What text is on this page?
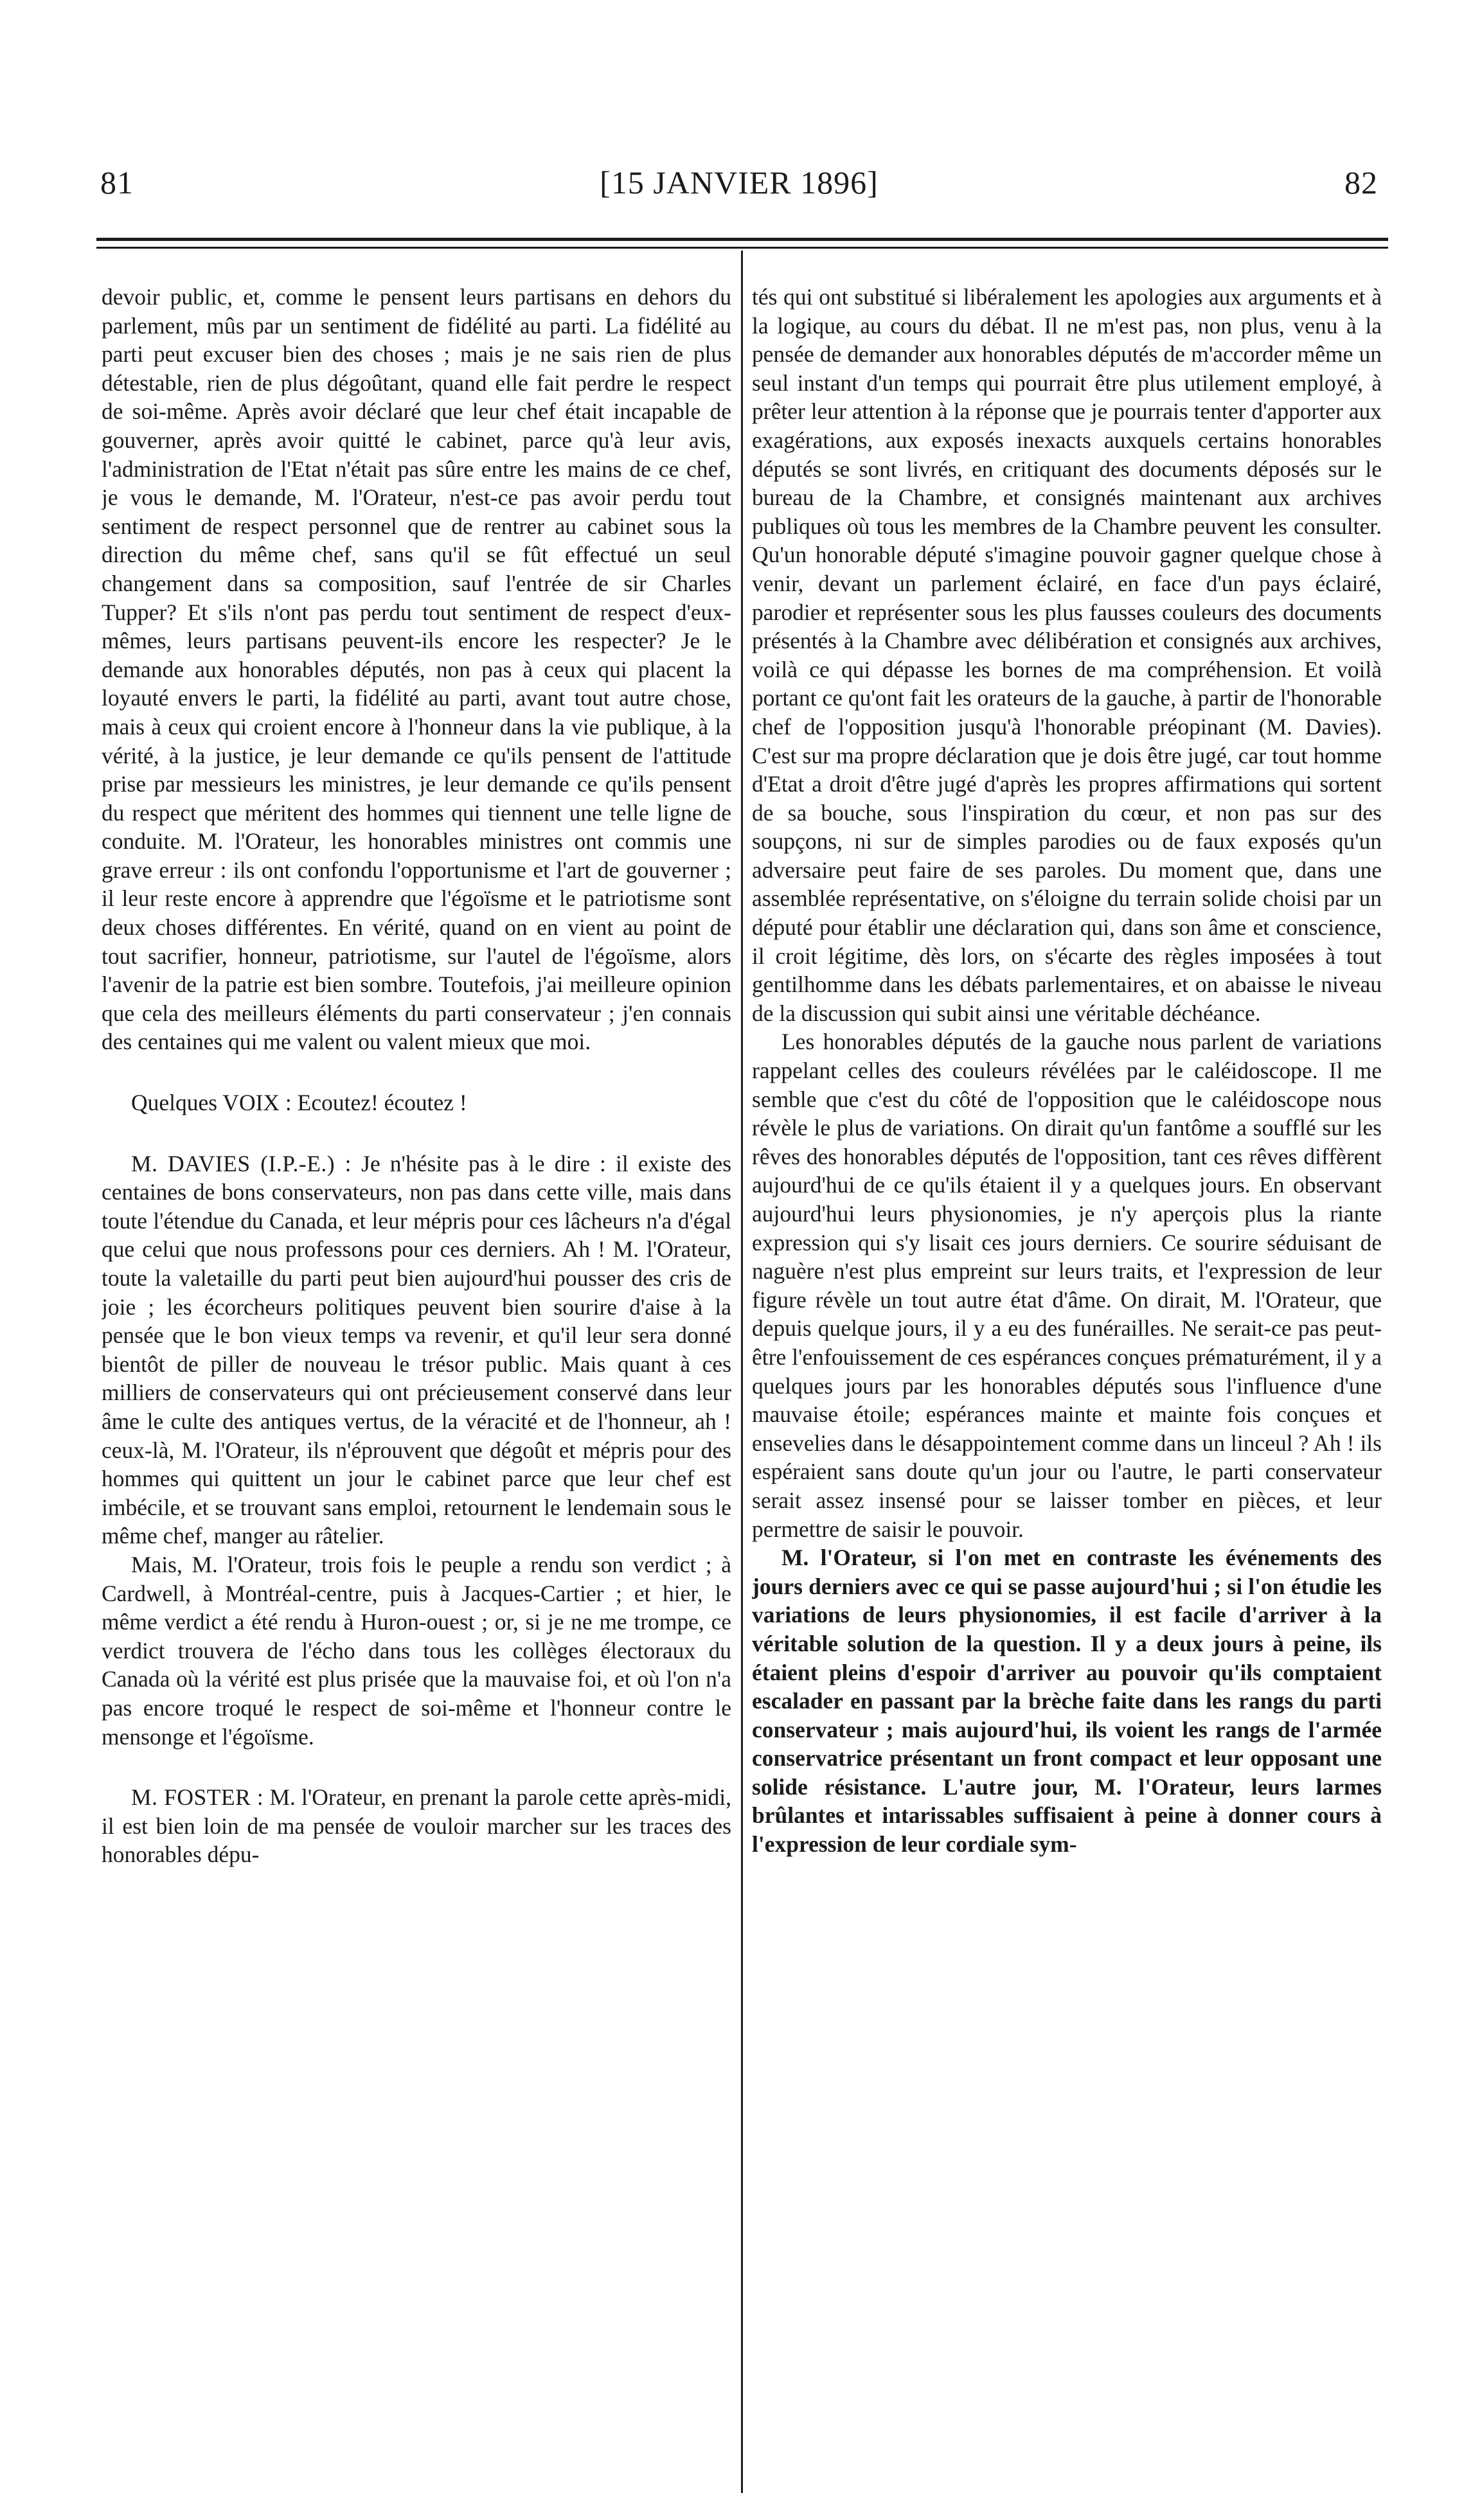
81	[15 JANVIER 1896]	82

devoir public, et, comme le pensent leurs partisans en dehors du parlement, mûs par un sentiment de fidélité au parti. La fidélité au parti peut excuser bien des choses ; mais je ne sais rien de plus détestable, rien de plus dégoûtant, quand elle fait perdre le respect de soi-même. Après avoir déclaré que leur chef était incapable de gouverner, après avoir quitté le cabinet, parce qu'à leur avis, l'administration de l'Etat n'était pas sûre entre les mains de ce chef, je vous le demande, M. l'Orateur, n'est-ce pas avoir perdu tout sentiment de respect personnel que de rentrer au cabinet sous la direction du même chef, sans qu'il se fût effectué un seul changement dans sa composition, sauf l'entrée de sir Charles Tupper? Et s'ils n'ont pas perdu tout sentiment de respect d'eux-mêmes, leurs partisans peuvent-ils encore les respecter? Je le demande aux honorables députés, non pas à ceux qui placent la loyauté envers le parti, la fidélité au parti, avant tout autre chose, mais à ceux qui croient encore à l'honneur dans la vie publique, à la vérité, à la justice, je leur demande ce qu'ils pensent de l'attitude prise par messieurs les ministres, je leur demande ce qu'ils pensent du respect que méritent des hommes qui tiennent une telle ligne de conduite. M. l'Orateur, les honorables ministres ont commis une grave erreur : ils ont confondu l'opportunisme et l'art de gouverner ; il leur reste encore à apprendre que l'égoïsme et le patriotisme sont deux choses différentes. En vérité, quand on en vient au point de tout sacrifier, honneur, patriotisme, sur l'autel de l'égoïsme, alors l'avenir de la patrie est bien sombre. Toutefois, j'ai meilleure opinion que cela des meilleurs éléments du parti conservateur ; j'en connais des centaines qui me valent ou valent mieux que moi.

Quelques VOIX : Ecoutez! écoutez !

M. DAVIES (I.P.-E.) : Je n'hésite pas à le dire : il existe des centaines de bons conservateurs, non pas dans cette ville, mais dans toute l'étendue du Canada, et leur mépris pour ces lâcheurs n'a d'égal que celui que nous professons pour ces derniers. Ah ! M. l'Orateur, toute la valetaille du parti peut bien aujourd'hui pousser des cris de joie ; les écorcheurs politiques peuvent bien sourire d'aise à la pensée que le bon vieux temps va revenir, et qu'il leur sera donné bientôt de piller de nouveau le trésor public. Mais quant à ces milliers de conservateurs qui ont précieusement conservé dans leur âme le culte des antiques vertus, de la véracité et de l'honneur, ah ! ceux-là, M. l'Orateur, ils n'éprouvent que dégoût et mépris pour des hommes qui quittent un jour le cabinet parce que leur chef est imbécile, et se trouvant sans emploi, retournent le lendemain sous le même chef, manger au râtelier.

Mais, M. l'Orateur, trois fois le peuple a rendu son verdict ; à Cardwell, à Montréal-centre, puis à Jacques-Cartier ; et hier, le même verdict a été rendu à Huron-ouest ; or, si je ne me trompe, ce verdict trouvera de l'écho dans tous les collèges électoraux du Canada où la vérité est plus prisée que la mauvaise foi, et où l'on n'a pas encore troqué le respect de soi-même et l'honneur contre le mensonge et l'égoïsme.

M. FOSTER : M. l'Orateur, en prenant la parole cette après-midi, il est bien loin de ma pensée de vouloir marcher sur les traces des honorables dépu-

tés qui ont substitué si libéralement les apologies aux arguments et à la logique, au cours du débat. Il ne m'est pas, non plus, venu à la pensée de demander aux honorables députés de m'accorder même un seul instant d'un temps qui pourrait être plus utilement employé, à prêter leur attention à la réponse que je pourrais tenter d'apporter aux exagérations, aux exposés inexacts auxquels certains honorables députés se sont livrés, en critiquant des documents déposés sur le bureau de la Chambre, et consignés maintenant aux archives publiques où tous les membres de la Chambre peuvent les consulter. Qu'un honorable député s'imagine pouvoir gagner quelque chose à venir, devant un parlement éclairé, en face d'un pays éclairé, parodier et représenter sous les plus fausses couleurs des documents présentés à la Chambre avec délibération et consignés aux archives, voilà ce qui dépasse les bornes de ma compréhension. Et voilà portant ce qu'ont fait les orateurs de la gauche, à partir de l'honorable chef de l'opposition jusqu'à l'honorable préopinant (M. Davies). C'est sur ma propre déclaration que je dois être jugé, car tout homme d'Etat a droit d'être jugé d'après les propres affirmations qui sortent de sa bouche, sous l'inspiration du cœur, et non pas sur des soupçons, ni sur de simples parodies ou de faux exposés qu'un adversaire peut faire de ses paroles. Du moment que, dans une assemblée représentative, on s'éloigne du terrain solide choisi par un député pour établir une déclaration qui, dans son âme et conscience, il croit légitime, dès lors, on s'écarte des règles imposées à tout gentilhomme dans les débats parlementaires, et on abaisse le niveau de la discussion qui subit ainsi une véritable déchéance.

Les honorables députés de la gauche nous parlent de variations rappelant celles des couleurs révélées par le caléidoscope. Il me semble que c'est du côté de l'opposition que le caléidoscope nous révèle le plus de variations. On dirait qu'un fantôme a soufflé sur les rêves des honorables députés de l'opposition, tant ces rêves diffèrent aujourd'hui de ce qu'ils étaient il y a quelques jours. En observant aujourd'hui leurs physionomies, je n'y aperçois plus la riante expression qui s'y lisait ces jours derniers. Ce sourire séduisant de naguère n'est plus empreint sur leurs traits, et l'expression de leur figure révèle un tout autre état d'âme. On dirait, M. l'Orateur, que depuis quelque jours, il y a eu des funérailles. Ne serait-ce pas peut-être l'enfouissement de ces espérances conçues prématurément, il y a quelques jours par les honorables députés sous l'influence d'une mauvaise étoile; espérances mainte et mainte fois conçues et ensevelies dans le désappointement comme dans un linceul ? Ah ! ils espéraient sans doute qu'un jour ou l'autre, le parti conservateur serait assez insensé pour se laisser tomber en pièces, et leur permettre de saisir le pouvoir.

M. l'Orateur, si l'on met en contraste les événements des jours derniers avec ce qui se passe aujourd'hui ; si l'on étudie les variations de leurs physionomies, il est facile d'arriver à la véritable solution de la question. Il y a deux jours à peine, ils étaient pleins d'espoir d'arriver au pouvoir qu'ils comptaient escalader en passant par la brèche faite dans les rangs du parti conservateur ; mais aujourd'hui, ils voient les rangs de l'armée conservatrice présentant un front compact et leur opposant une solide résistance. L'autre jour, M. l'Orateur, leurs larmes brûlantes et intarissables suffisaient à peine à donner cours à l'expression de leur cordiale sym-
